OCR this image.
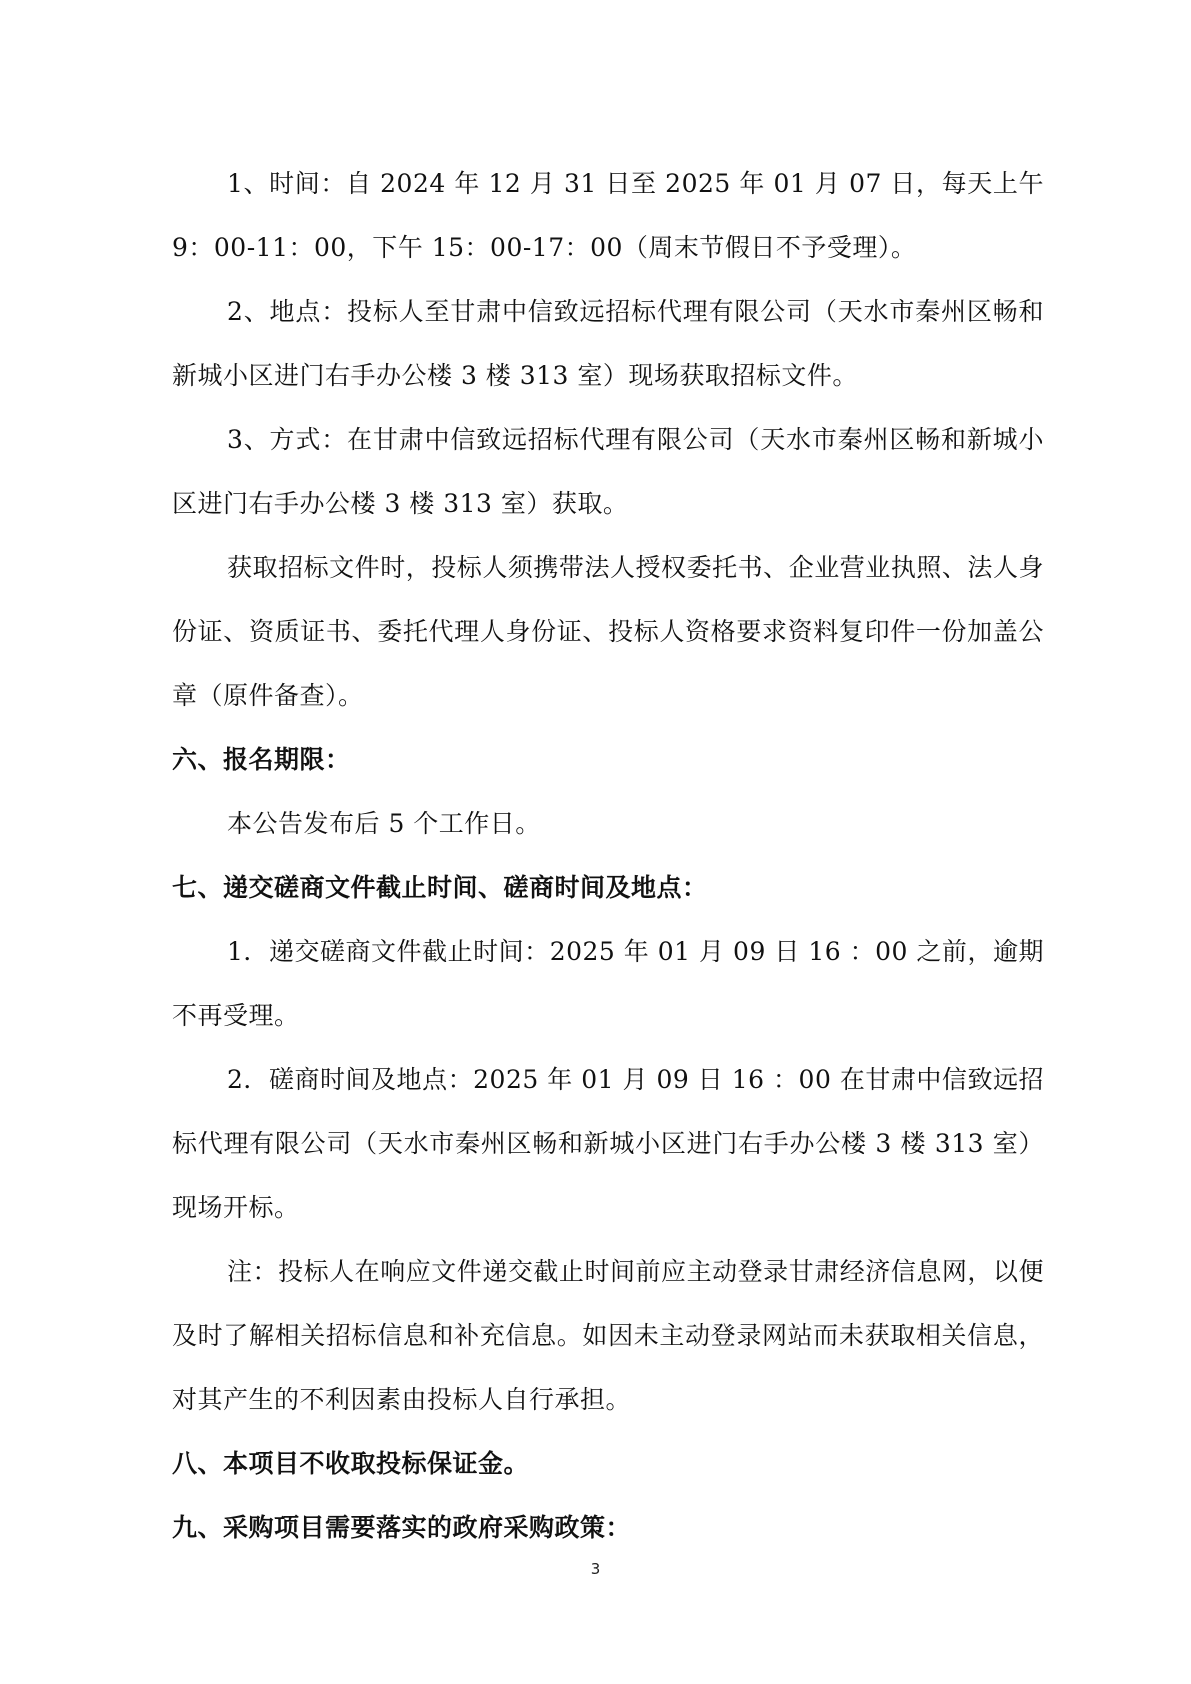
1、时间：自 2024 年 12 月 31 日至 2025 年 01 月 07 日，每天上午 9：00-11：00，下午 15：00-17：00（周末节假日不予受理）。

2、地点：投标人至甘肃中信致远招标代理有限公司（天水市秦州区畅和新城小区进门右手办公楼 3 楼 313 室）现场获取招标文件。

3、方式：在甘肃中信致远招标代理有限公司（天水市秦州区畅和新城小区进门右手办公楼 3 楼 313 室）获取。

获取招标文件时，投标人须携带法人授权委托书、企业营业执照、法人身份证、资质证书、委托代理人身份证、投标人资格要求资料复印件一份加盖公章（原件备查）。

六、报名期限：

本公告发布后 5 个工作日。

七、递交磋商文件截止时间、磋商时间及地点：

1．递交磋商文件截止时间：2025 年 01 月 09 日 16 ：00 之前，逾期不再受理。

2．磋商时间及地点：2025 年 01 月 09 日 16 ：00 在甘肃中信致远招标代理有限公司（天水市秦州区畅和新城小区进门右手办公楼 3 楼 313 室）现场开标。

注：投标人在响应文件递交截止时间前应主动登录甘肃经济信息网，以便及时了解相关招标信息和补充信息。如因未主动登录网站而未获取相关信息，对其产生的不利因素由投标人自行承担。

八、本项目不收取投标保证金。

九、采购项目需要落实的政府采购政策：

3
